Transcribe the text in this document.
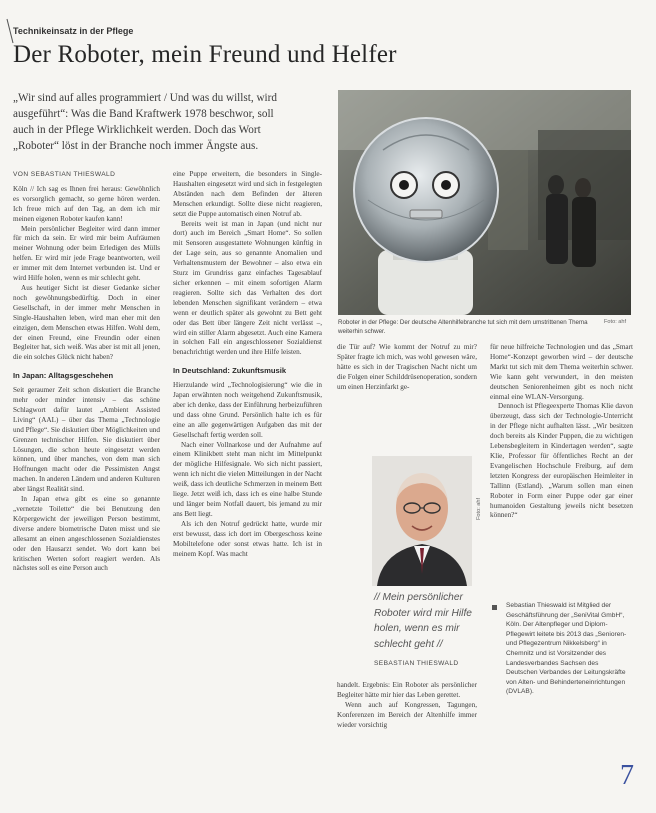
Technikeinsatz in der Pflege
Der Roboter, mein Freund und Helfer
„Wir sind auf alles programmiert / Und was du willst, wird
ausgeführt“: Was die Band Kraftwerk 1978 beschwor, soll
auch in der Pflege Wirklichkeit werden. Doch das Wort
„Roboter“ löst in der Branche noch immer Ängste aus.
VON SEBASTIAN THIESWALD

Köln // Ich sag es Ihnen frei heraus: Gewöhnlich es vorsorglich gemacht, so gerne hören werden. Ich freue mich auf den Tag, an dem ich mir meinen eigenen Roboter kaufen kann!

Mein persönlicher Begleiter wird dann immer für mich da sein. Er wird mir beim Aufräumen meiner Wohnung oder beim Erledigen des Mülls helfen. Er wird mir jede Frage beantworten, weil er immer mit dem Internet verbunden ist. Und er wird Hilfe holen, wenn es mir schlecht geht.

Aus heutiger Sicht ist dieser Gedanke sicher noch gewöhnungsbedürftig. Doch in einer Gesellschaft, in der immer mehr Menschen in Single-Haushalten leben, wird man eher mit den einzigen, dem Menschen etwas Hilfen. Wohl dem, der einen Freund, eine Freundin oder einen Begleiter hat, sich weiß. Was aber ist mit all jenen, die ein solches Glück nicht haben?

In Japan: Alltagsgeschehen

Seit geraumer Zeit schon diskutiert die Branche mehr oder minder intensiv – das schöne Schlagwort dafür lautet „Ambient Assisted Living“ (AAL) – über das Thema „Technologie und Pflege“. Sie diskutiert über Möglichkeiten und Grenzen technischer Hilfen. Sie diskutiert über Lösungen, die schon heute eingesetzt werden können, und über manches, von dem man sich Hoffnungen macht oder die Pessimisten Angst machen. In anderen Ländern und anderen Kulturen aber längst Realität sind.

In Japan etwa gibt es eine so genannte „vernetzte Toilette“ die bei Benutzung den Körpergewicht der jeweiligen Person bestimmt, diverse andere biometrische Daten misst und sie allesamt an einen angeschlossenen Sozialdienstes oder den Hausarzt sendet. Wo dort kann bei kritischen Werten sofort reagiert werden. Als nächstes soll es eine Person auch

eine Puppe erweitern, die besonders in Single-Haushalten eingesetzt wird und sich in festgelegten Abständen nach dem Befinden der älteren Menschen erkundigt. Sollte diese nicht reagieren, setzt die Puppe automatisch einen Notruf ab.

Bereits weit ist man in Japan (und nicht nur dort) auch im Bereich „Smart Home“. So sollen mit Sensoren ausgestattete Wohnungen künftig in der Lage sein, aus so genannte Anomalien und Verhaltensmustern der Bewohner – also etwa ein Sturz im Grundriss ganz einfaches Tagesablauf sicher erkennen – mit einem sofortigen Alarm reagieren. Sollte sich das Verhalten des dort lebenden Menschen signifikant verändern – etwa wenn er deutlich später als gewohnt zu Bett geht oder das Bett über längere Zeit nicht verlässt –, wird ein stiller Alarm abgesetzt. Auch eine Kamera in solchen Fall ein angeschlossener Sozialdienst benachrichtigt werden und ihre Hilfe leisten.

In Deutschland: Zukunftsmusik

Hierzulande wird „Technologisierung“ wie die in Japan erwähnten noch weitgehend Zukunftsmusik, aber ich denke, dass der Einführung herbeizuführen und dass ohne Grund. Persönlich halte ich es für eine an alle gegenwärtigen Aufgaben das mit der Gesellschaft fertig werden soll.

Nach einer Vollnarkose und der Aufnahme auf einem Klinikbett steht man nicht im Mittelpunkt der mögliche Hilfesignale. Wo sich nicht passiert, wenn ich nicht die vielen Mitteilungen in der Nacht weiß, dass ich deutliche Schmerzen in meinem Bett liege. Jetzt weiß ich, dass ich es eine halbe Stunde und länger beim Notfall dauert, bis jemand zu mir ans Bett liegt.

Als ich den Notruf gedrückt hatte, wurde mir erst bewusst, dass ich dort im Obergeschoss keine Mobiltelefone oder sonst etwas hatte. Ich ist in meinem Kopf. Was macht

Roboter in der Pflege: Der deutsche Altenhilfebranche tut sich mit dem umstrittenen Thema weiterhin schwer.
Foto: ahf

die Tür auf? Wie kommt der Notruf zu mir? Später fragte ich mich, was wohl gewesen wäre, hätte es sich in der Tragischen Nacht nicht um die Folgen einer Schilddrüsenoperation, sondern um einen Herzinfarkt ge-

für neue hilfreiche Technologien und das „Smart Home“-Konzept geworben wird – der deutsche Markt tut sich mit dem Thema weiterhin schwer. Wie kann geht verwundert, in den meisten deutschen Seniorenheimen gibt es noch nicht einmal eine WLAN-Versorgung.

Dennoch ist Pflegeexperte Thomas Klie davon überzeugt, dass sich der Technologie-Unterricht in der Pflege nicht aufhalten lässt. „Wir besitzen doch bereits als Kinder Puppen, die zu wichtigen Lebensbegleitern in Kindertagen werden“, sagte Klie, Professor für öffentliches Recht an der Evangelischen Hochschule Freiburg, auf dem letzten Kongress der europäischen Heimleiter in Tallinn (Estland). „Warum sollen man einen Roboter in Form einer Puppe oder gar einer humanoiden Gestaltung jeweils nicht besetzen können?“

Foto: ahf
// Mein persönlicher
Roboter wird mir Hilfe
holen, wenn es mir
schlecht geht //
SEBASTIAN THIESWALD

handelt. Ergebnis: Ein Roboter als persönlicher Begleiter hätte mir hier das Leben gerettet.

Wenn auch auf Kongressen, Tagungen, Konferenzen im Bereich der Altenhilfe immer wieder vorsichtig

Sebastian Thieswald ist Mitglied der Geschäftsführung der „SeniVital GmbH“, Köln. Der Altenpfleger und Diplom-Pflegewirt leitete bis 2013 das „Senioren- und Pflegezentrum Nikkelsberg“ in Chemnitz und ist Vorsitzender des Landesverbandes Sachsen des Deutschen Verbandes der Leitungskräfte von Alten- und Behinderteneinrichtungen (DVLAB).
7
